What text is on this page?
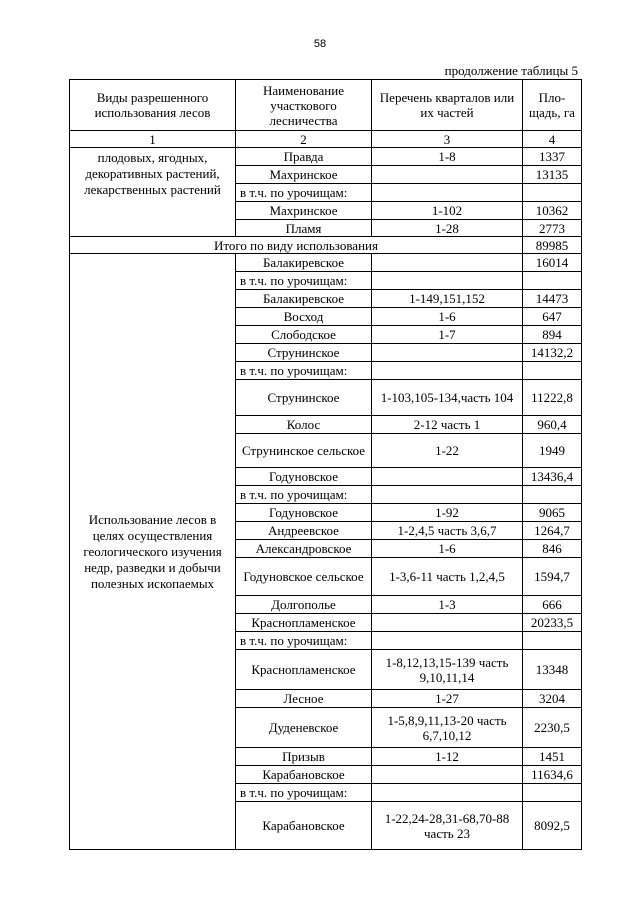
58
продолжение таблицы 5
Виды разрешенного использования лесов	Наименование участкового лесничества	Перечень кварталов или их частей	Пло-щадь, га
1	2	3	4
плодовых, ягодных, декоративных растений, лекарственных растений	Правда	1-8	1337
	Махринское		13135
	в т.ч. по урочищам:		
	Махринское	1-102	10362
	Пламя	1-28	2773
Итого по виду использования			89985
Использование лесов в целях осуществления геологического изучения недр, разведки и добычи полезных ископаемых	Балакиревское		16014
	в т.ч. по урочищам:		
	Балакиревское	1-149,151,152	14473
	Восход	1-6	647
	Слободское	1-7	894
	Струнинское		14132,2
	в т.ч. по урочищам:		
	Струнинское	1-103,105-134,часть 104	11222,8
	Колос	2-12 часть 1	960,4
	Струнинское сельское	1-22	1949
	Годуновское		13436,4
	в т.ч. по урочищам:		
	Годуновское	1-92	9065
	Андреевское	1-2,4,5 часть 3,6,7	1264,7
	Александровское	1-6	846
	Годуновское сельское	1-3,6-11 часть 1,2,4,5	1594,7
	Долгополье	1-3	666
	Краснопламенское		20233,5
	в т.ч. по урочищам:		
	Краснопламенское	1-8,12,13,15-139 часть 9,10,11,14	13348
	Лесное	1-27	3204
	Дуденевское	1-5,8,9,11,13-20 часть 6,7,10,12	2230,5
	Призыв	1-12	1451
	Карабановское		11634,6
	в т.ч. по урочищам:		
	Карабановское	1-22,24-28,31-68,70-88 часть 23	8092,5
